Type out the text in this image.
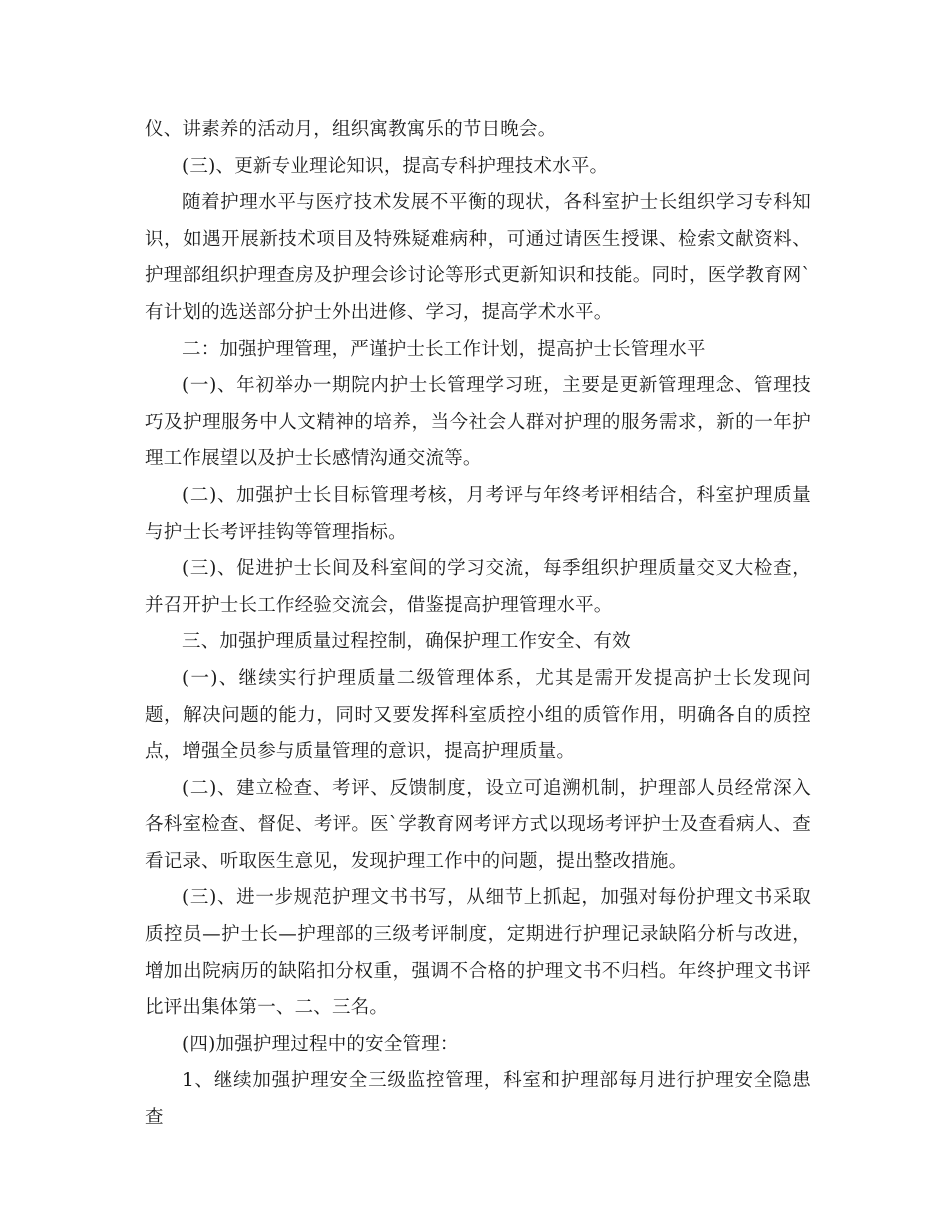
仪、讲素养的活动月，组织寓教寓乐的节日晚会。

(三)、更新专业理论知识，提高专科护理技术水平。

随着护理水平与医疗技术发展不平衡的现状，各科室护士长组织学习专科知识，如遇开展新技术项目及特殊疑难病种，可通过请医生授课、检索文献资料、护理部组织护理查房及护理会诊讨论等形式更新知识和技能。同时，医学教育网`有计划的选送部分护士外出进修、学习，提高学术水平。

二：加强护理管理，严谨护士长工作计划，提高护士长管理水平

(一)、年初举办一期院内护士长管理学习班，主要是更新管理理念、管理技巧及护理服务中人文精神的培养，当今社会人群对护理的服务需求，新的一年护理工作展望以及护士长感情沟通交流等。

(二)、加强护士长目标管理考核，月考评与年终考评相结合，科室护理质量与护士长考评挂钩等管理指标。

(三)、促进护士长间及科室间的学习交流，每季组织护理质量交叉大检查，并召开护士长工作经验交流会，借鉴提高护理管理水平。

三、加强护理质量过程控制，确保护理工作安全、有效

(一)、继续实行护理质量二级管理体系，尤其是需开发提高护士长发现问题，解决问题的能力，同时又要发挥科室质控小组的质管作用，明确各自的质控点，增强全员参与质量管理的意识，提高护理质量。

(二)、建立检查、考评、反馈制度，设立可追溯机制，护理部人员经常深入各科室检查、督促、考评。医`学教育网考评方式以现场考评护士及查看病人、查看记录、听取医生意见，发现护理工作中的问题，提出整改措施。

(三)、进一步规范护理文书书写，从细节上抓起，加强对每份护理文书采取质控员—护士长—护理部的三级考评制度，定期进行护理记录缺陷分析与改进，增加出院病历的缺陷扣分权重，强调不合格的护理文书不归档。年终护理文书评比评出集体第一、二、三名。

(四)加强护理过程中的安全管理：

1、继续加强护理安全三级监控管理，科室和护理部每月进行护理安全隐患查
